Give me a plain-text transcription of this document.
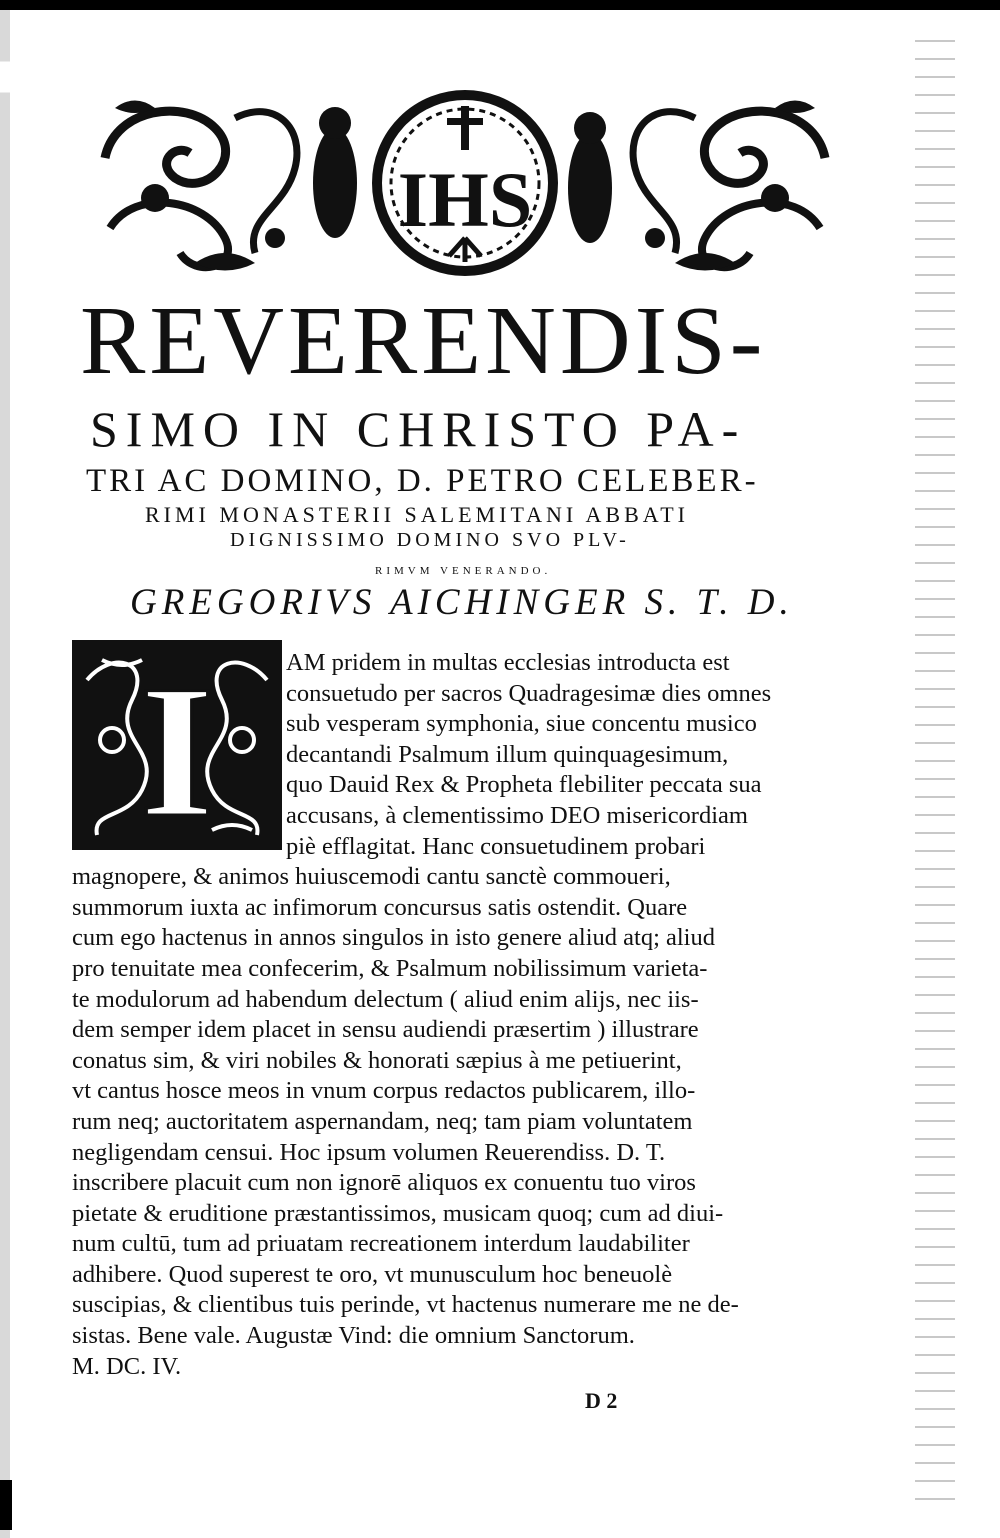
IHS
REVERENDIS-
SIMO IN CHRISTO PA-
TRI AC DOMINO, D. PETRO CELEBER-
RIMI MONASTERII SALEMITANI ABBATI
DIGNISSIMO DOMINO SVO PLV-
RIMVM VENERANDO.
GREGORIVS AICHINGER S. T. D.
I	AM pridem in multas ecclesias introducta est
consuetudo per sacros Quadragesimæ dies omnes
sub vesperam symphonia, siue concentu musico
decantandi Psalmum illum quinquagesimum,
quo Dauid Rex & Propheta flebiliter peccata sua
accusans, à clementissimo DEO misericordiam
piè efflagitat. Hanc consuetudinem probari
magnopere, & animos huiuscemodi cantu sanctè commoueri,
summorum iuxta ac infimorum concursus satis ostendit. Quare
cum ego hactenus in annos singulos in isto genere aliud atq; aliud
pro tenuitate mea confecerim, & Psalmum nobilissimum varieta-
te modulorum ad habendum delectum ( aliud enim alijs, nec iis-
dem semper idem placet in sensu audiendi præsertim ) illustrare
conatus sim, & viri nobiles & honorati sæpius à me petiuerint,
vt cantus hosce meos in vnum corpus redactos publicarem, illo-
rum neq; auctoritatem aspernandam, neq; tam piam voluntatem
negligendam censui. Hoc ipsum volumen Reuerendiss. D. T.
inscribere placuit cum non ignorē aliquos ex conuentu tuo viros
pietate & eruditione præstantissimos, musicam quoq; cum ad diui-
num cultū, tum ad priuatam recreationem interdum laudabiliter
adhibere. Quod superest te oro, vt munusculum hoc beneuolè
suscipias, & clientibus tuis perinde, vt hactenus numerare me ne de-
sistas. Bene vale. Augustæ Vind: die omnium Sanctorum.
M. DC. IV.
D 2
